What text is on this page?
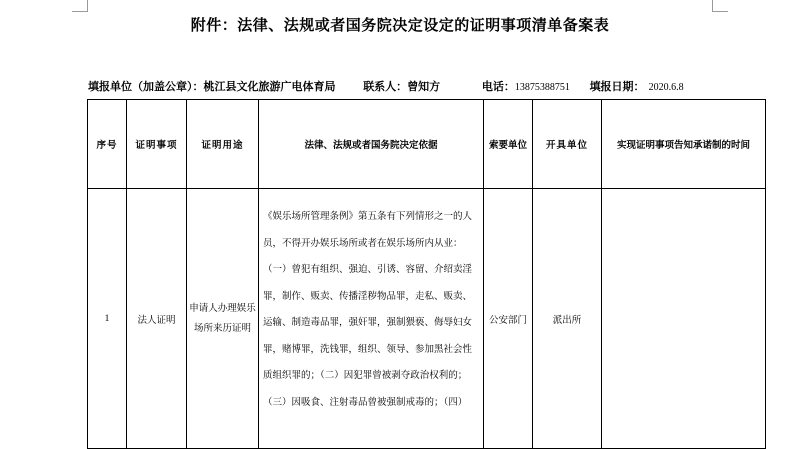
附件：法律、法规或者国务院决定设定的证明事项清单备案表
填报单位（加盖公章）：桃江县文化旅游广电体育局	联系人：曾知方	电话：13875388751 填报日期： 2020.6.8
序号	证明事项	证明用途	法律、法规或者国务院决定依据	索要单位	开具单位	实现证明事项告知承诺制的时间
1	法人证明	申请人办理娱乐场所来历证明	《娱乐场所管理条例》第五条有下列情形之一的人员，不得开办娱乐场所或者在娱乐场所内从业：（一）曾犯有组织、强迫、引诱、容留、介绍卖淫罪，制作、贩卖、传播淫秽物品罪，走私、贩卖、运输、制造毒品罪，强奸罪，强制猥亵、侮辱妇女罪，赌博罪，洗钱罪，组织、领导、参加黑社会性质组织罪的；（二）因犯罪曾被剥夺政治权利的；（三）因吸食、注射毒品曾被强制戒毒的；（四）	公安部门	派出所	
